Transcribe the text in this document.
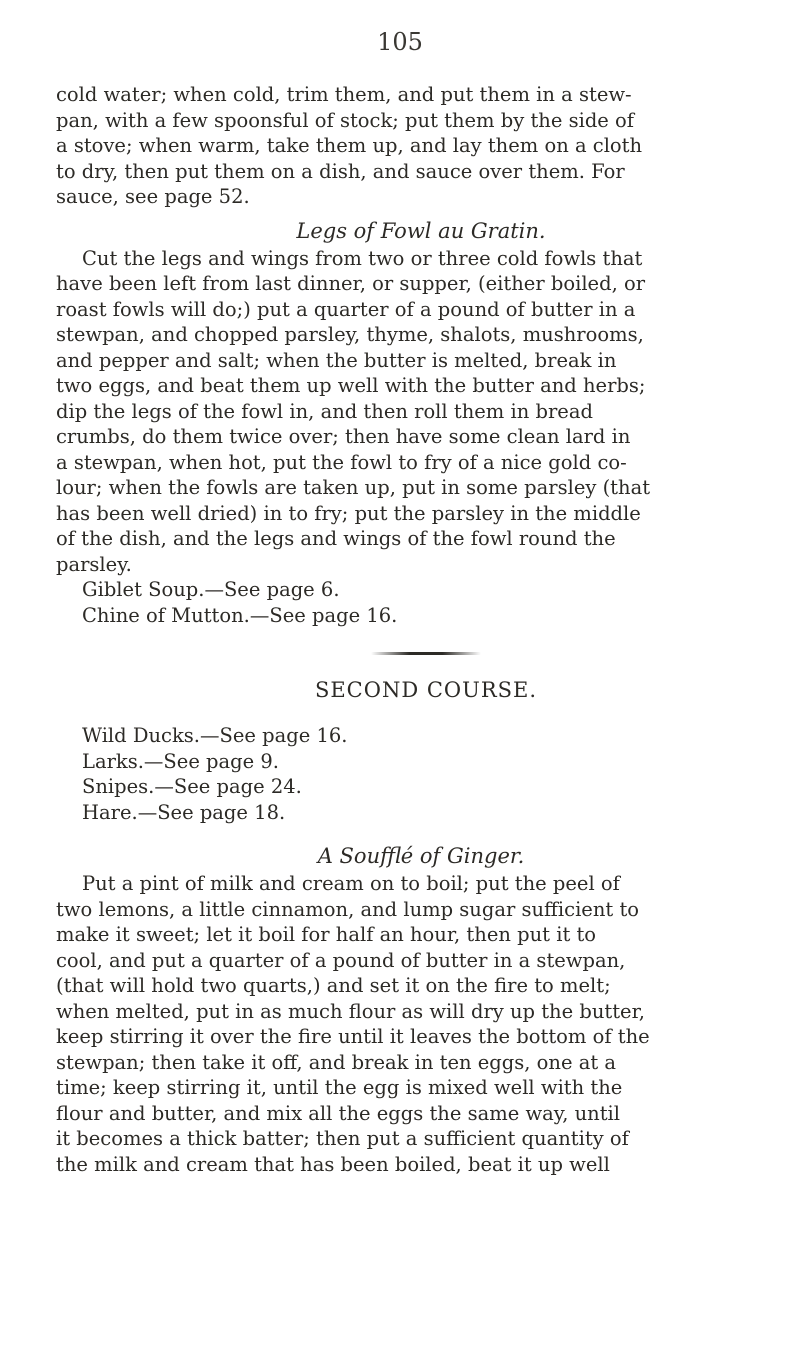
105
cold water; when cold, trim them, and put them in a stew-
pan, with a few spoonsful of stock; put them by the side of
a stove; when warm, take them up, and lay them on a cloth
to dry, then put them on a dish, and sauce over them. For
sauce, see page 52.
Legs of Fowl au Gratin.
Cut the legs and wings from two or three cold fowls that
have been left from last dinner, or supper, (either boiled, or
roast fowls will do;) put a quarter of a pound of butter in a
stewpan, and chopped parsley, thyme, shalots, mushrooms,
and pepper and salt; when the butter is melted, break in
two eggs, and beat them up well with the butter and herbs;
dip the legs of the fowl in, and then roll them in bread
crumbs, do them twice over; then have some clean lard in
a stewpan, when hot, put the fowl to fry of a nice gold co-
lour; when the fowls are taken up, put in some parsley (that
has been well dried) in to fry; put the parsley in the middle
of the dish, and the legs and wings of the fowl round the
parsley.
Giblet Soup.—See page 6.
Chine of Mutton.—See page 16.
SECOND COURSE.
Wild Ducks.—See page 16.
Larks.—See page 9.
Snipes.—See page 24.
Hare.—See page 18.
A Soufflé of Ginger.
Put a pint of milk and cream on to boil; put the peel of
two lemons, a little cinnamon, and lump sugar sufficient to
make it sweet; let it boil for half an hour, then put it to
cool, and put a quarter of a pound of butter in a stewpan,
(that will hold two quarts,) and set it on the fire to melt;
when melted, put in as much flour as will dry up the butter,
keep stirring it over the fire until it leaves the bottom of the
stewpan; then take it off, and break in ten eggs, one at a
time; keep stirring it, until the egg is mixed well with the
flour and butter, and mix all the eggs the same way, until
it becomes a thick batter; then put a sufficient quantity of
the milk and cream that has been boiled, beat it up well
